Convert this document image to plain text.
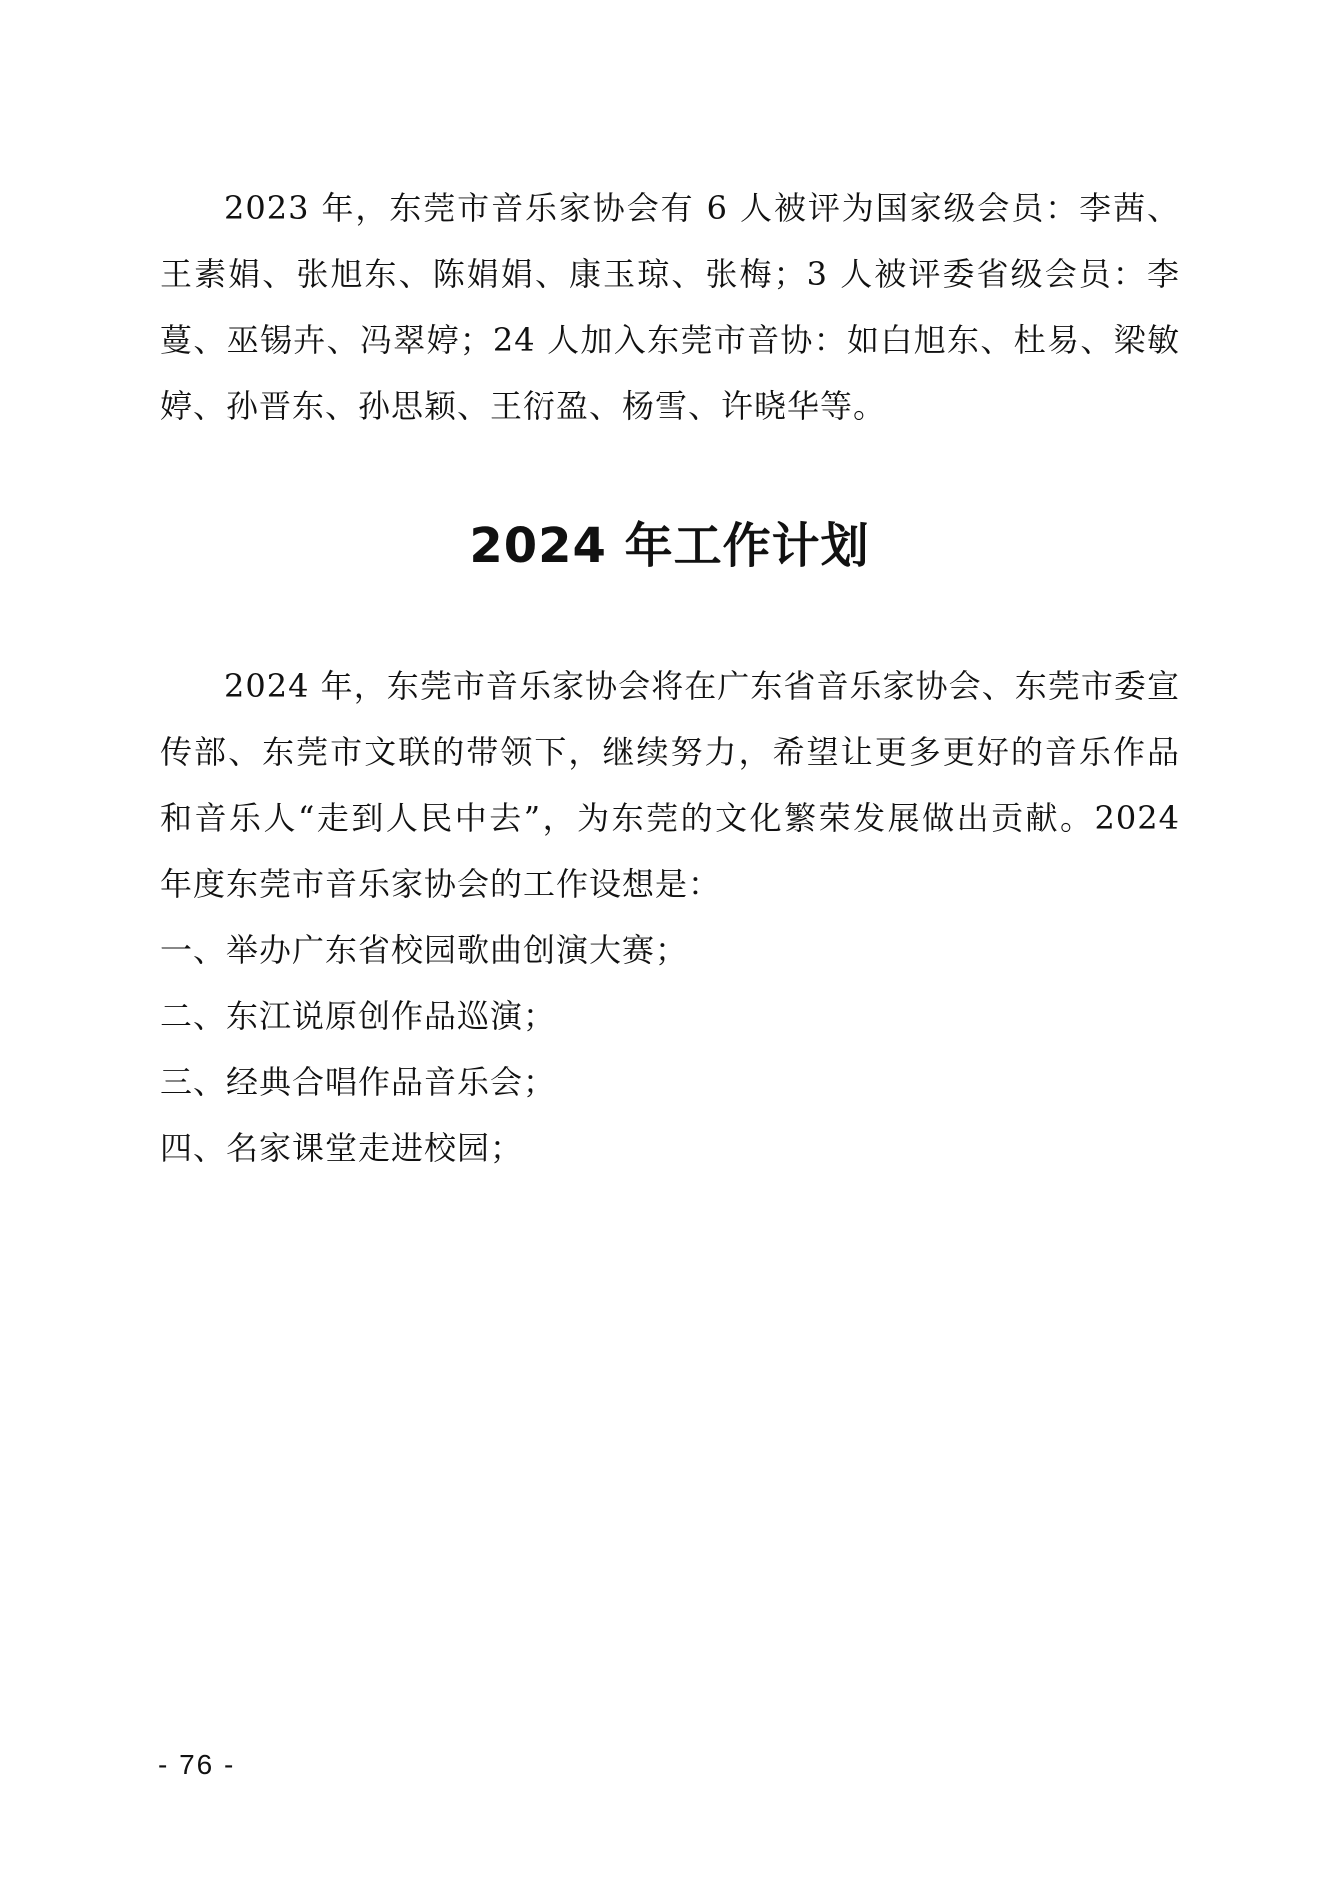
2023 年，东莞市音乐家协会有 6 人被评为国家级会员：李茜、王素娟、张旭东、陈娟娟、康玉琼、张梅；3 人被评委省级会员：李蔓、巫锡卉、冯翠婷；24 人加入东莞市音协：如白旭东、杜易、梁敏婷、孙晋东、孙思颖、王衍盈、杨雪、许晓华等。

2024 年工作计划

2024 年，东莞市音乐家协会将在广东省音乐家协会、东莞市委宣传部、东莞市文联的带领下，继续努力，希望让更多更好的音乐作品和音乐人“走到人民中去”，为东莞的文化繁荣发展做出贡献。2024 年度东莞市音乐家协会的工作设想是：

一、举办广东省校园歌曲创演大赛；
二、东江说原创作品巡演；
三、经典合唱作品音乐会；
四、名家课堂走进校园；
- 76 -
